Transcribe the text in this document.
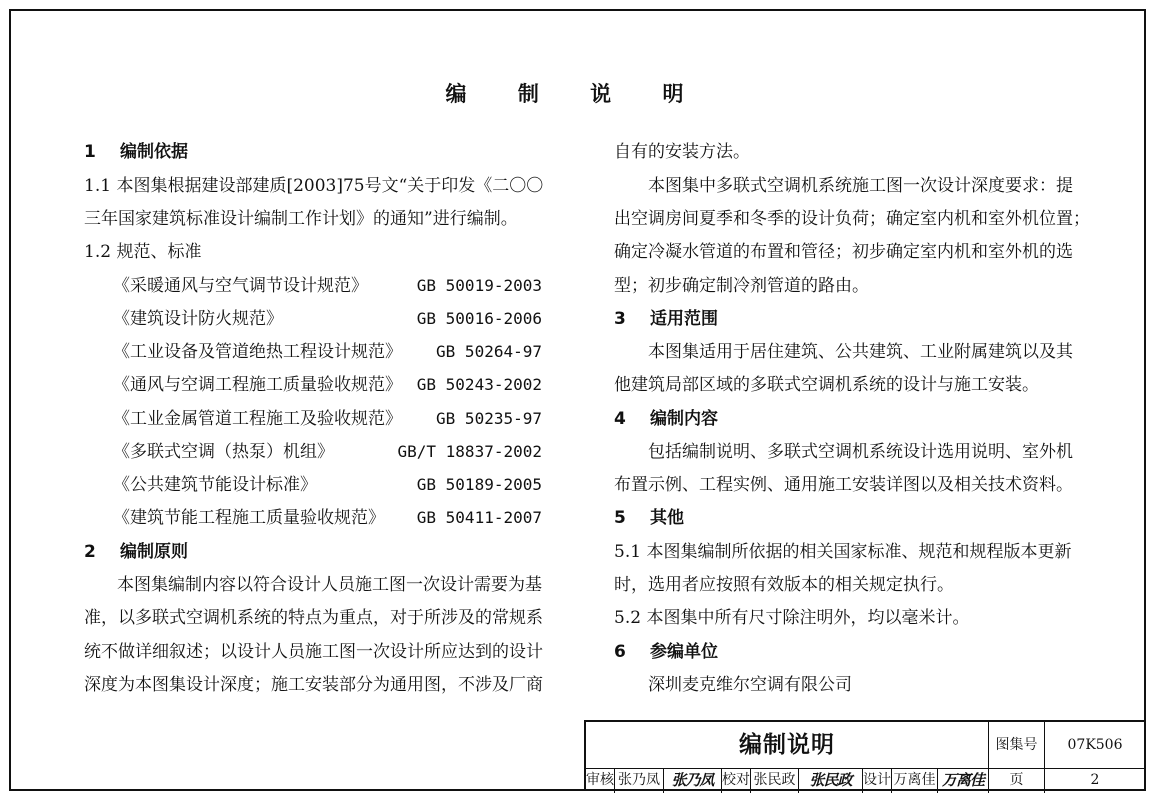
编 制 说 明
1 编制依据
1.1 本图集根据建设部建质[2003]75号文“关于印发《二〇〇
三年国家建筑标准设计编制工作计划》的通知”进行编制。
1.2 规范、标准
《采暖通风与空气调节设计规范》	GB 50019-2003
《建筑设计防火规范》	GB 50016-2006
《工业设备及管道绝热工程设计规范》 GB 50264-97
《通风与空调工程施工质量验收规范》 GB 50243-2002
《工业金属管道工程施工及验收规范》 GB 50235-97
《多联式空调（热泵）机组》	GB/T 18837-2002
《公共建筑节能设计标准》	GB 50189-2005
《建筑节能工程施工质量验收规范》 GB 50411-2007
2 编制原则
本图集编制内容以符合设计人员施工图一次设计需要为基
准，以多联式空调机系统的特点为重点，对于所涉及的常规系
统不做详细叙述；以设计人员施工图一次设计所应达到的设计
深度为本图集设计深度；施工安装部分为通用图，不涉及厂商
自有的安装方法。
本图集中多联式空调机系统施工图一次设计深度要求：提
出空调房间夏季和冬季的设计负荷；确定室内机和室外机位置；
确定冷凝水管道的布置和管径；初步确定室内机和室外机的选
型；初步确定制冷剂管道的路由。
3 适用范围
本图集适用于居住建筑、公共建筑、工业附属建筑以及其
他建筑局部区域的多联式空调机系统的设计与施工安装。
4 编制内容
包括编制说明、多联式空调机系统设计选用说明、室外机
布置示例、工程实例、通用施工安装详图以及相关技术资料。
5 其他
5.1 本图集编制所依据的相关国家标准、规范和规程版本更新
时，选用者应按照有效版本的相关规定执行。
5.2 本图集中所有尺寸除注明外，均以毫米计。
6 参编单位
深圳麦克维尔空调有限公司
编制说明	图集号	07K506
审核 张乃凤 张乃凤 校对 张民政 张民政 设计 万离佳 万离佳	页	2
